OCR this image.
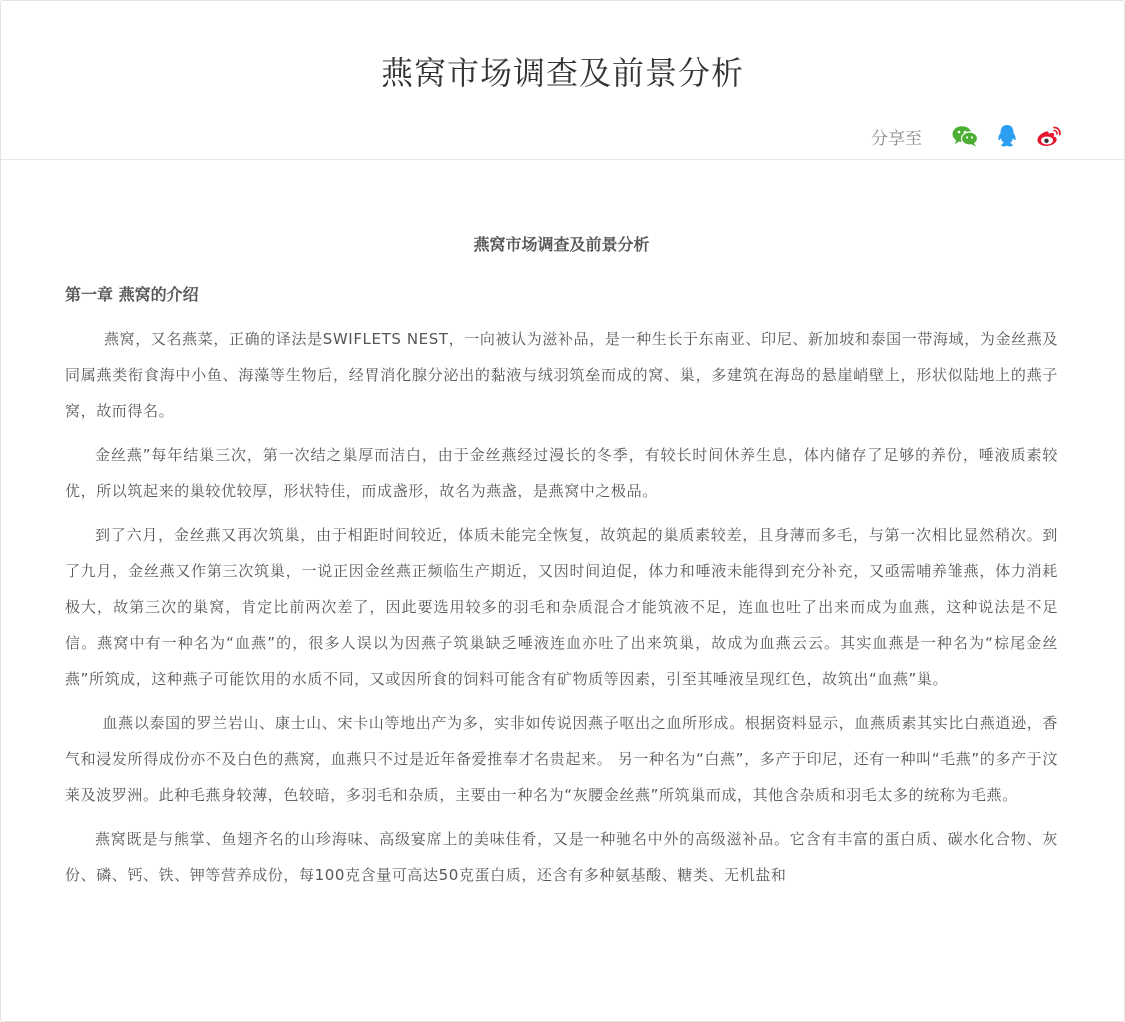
燕窝市场调查及前景分析
分享至
燕窝市场调查及前景分析
第一章 燕窝的介绍

燕窝，又名燕菜，正确的译法是SWIFLETS NEST，一向被认为滋补品，是一种生长于东南亚、印尼、新加坡和泰国一带海域，为金丝燕及同属燕类衔食海中小鱼、海藻等生物后，经胃消化腺分泌出的黏液与绒羽筑垒而成的窝、巢，多建筑在海岛的悬崖峭壁上，形状似陆地上的燕子窝，故而得名。

金丝燕”每年结巢三次，第一次结之巢厚而洁白，由于金丝燕经过漫长的冬季，有较长时间休养生息，体内储存了足够的养份，唾液质素较优，所以筑起来的巢较优较厚，形状特佳，而成盏形，故名为燕盏，是燕窝中之极品。

到了六月，金丝燕又再次筑巢，由于相距时间较近，体质未能完全恢复，故筑起的巢质素较差，且身薄而多毛，与第一次相比显然稍次。到了九月，金丝燕又作第三次筑巢，一说正因金丝燕正频临生产期近，又因时间迫促，体力和唾液未能得到充分补充，又亟需哺养雏燕，体力消耗极大，故第三次的巢窝，肯定比前两次差了，因此要选用较多的羽毛和杂质混合才能筑液不足，连血也吐了出来而成为血燕，这种说法是不足信。燕窝中有一种名为“血燕”的，很多人误以为因燕子筑巢缺乏唾液连血亦吐了出来筑巢，故成为血燕云云。其实血燕是一种名为“棕尾金丝燕”所筑成，这种燕子可能饮用的水质不同，又或因所食的饲料可能含有矿物质等因素，引至其唾液呈现红色，故筑出“血燕”巢。

血燕以泰国的罗兰岩山、康士山、宋卡山等地出产为多，实非如传说因燕子呕出之血所形成。根据资料显示，血燕质素其实比白燕逍逊，香气和浸发所得成份亦不及白色的燕窝，血燕只不过是近年备爱推奉才名贵起来。 另一种名为“白燕”，多产于印尼，还有一种叫“毛燕”的多产于汶莱及波罗洲。此种毛燕身较薄，色较暗，多羽毛和杂质，主要由一种名为“灰腰金丝燕”所筑巢而成，其他含杂质和羽毛太多的统称为毛燕。

燕窝既是与熊掌、鱼翅齐名的山珍海味、高级宴席上的美味佳肴，又是一种驰名中外的高级滋补品。它含有丰富的蛋白质、碳水化合物、灰份、磷、钙、铁、钾等营养成份，每100克含量可高达50克蛋白质，还含有多种氨基酸、糖类、无机盐和
